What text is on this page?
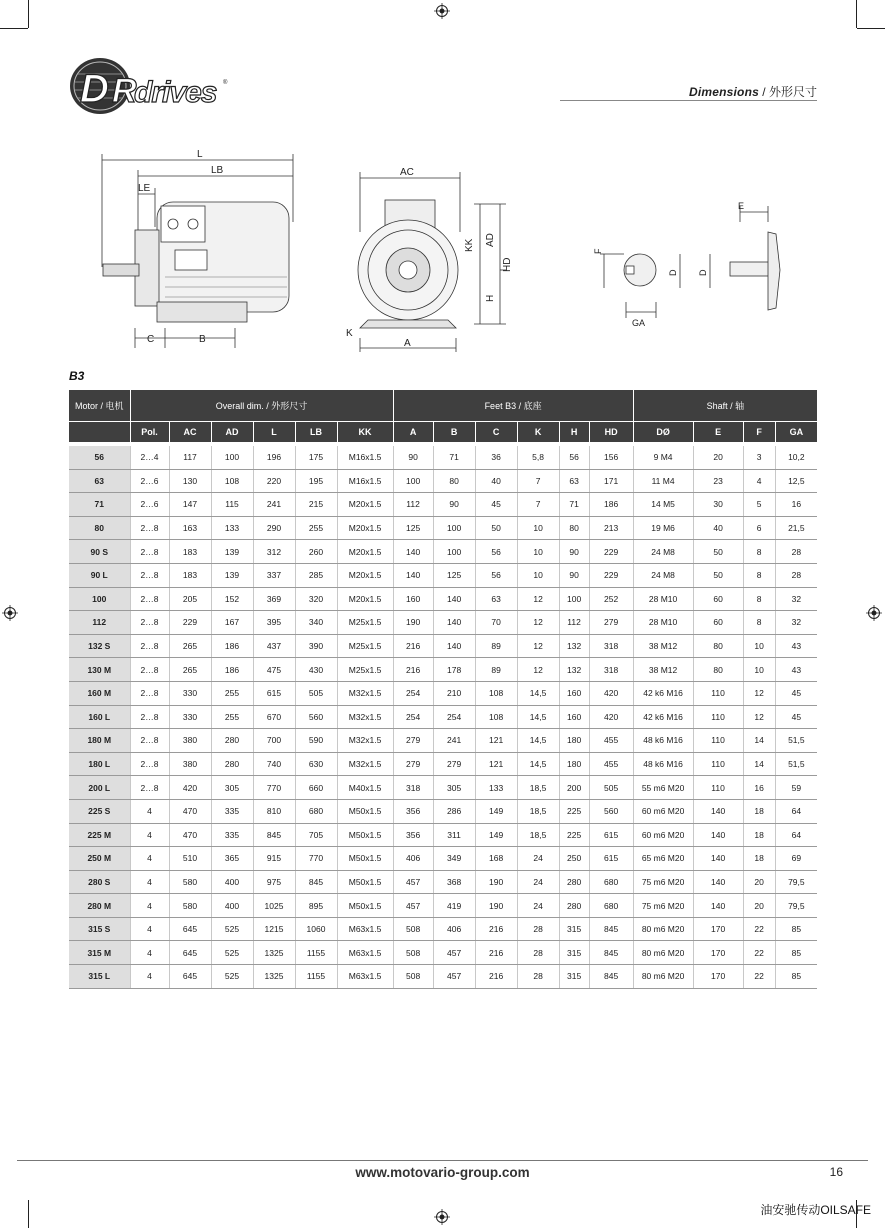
D R
drives ®
Dimensions / 外形尺寸
L
LB
LE
C	B
AC
KK AD
HD
H
K
A
E
F
D D
GA
B3
Motor / 电机	Overall dim. / 外形尺寸						Feet B3 / 底座						Shaft / 轴			
	Pol.	AC	AD	L	LB	KK	A	B	C	K	H	HD	DØ	E	F	GA

56	2…4	117	100	196	175	M16x1.5	90	71	36	5,8	56	156	9 M4	20	3	10,2
63	2…6	130	108	220	195	M16x1.5	100	80	40	7	63	171	11 M4	23	4	12,5
71	2…6	147	115	241	215	M20x1.5	112	90	45	7	71	186	14 M5	30	5	16
80	2…8	163	133	290	255	M20x1.5	125	100	50	10	80	213	19 M6	40	6	21,5
90 S	2…8	183	139	312	260	M20x1.5	140	100	56	10	90	229	24 M8	50	8	28
90 L	2…8	183	139	337	285	M20x1.5	140	125	56	10	90	229	24 M8	50	8	28
100	2…8	205	152	369	320	M20x1.5	160	140	63	12	100	252	28 M10	60	8	32
112	2…8	229	167	395	340	M25x1.5	190	140	70	12	112	279	28 M10	60	8	32
132 S	2…8	265	186	437	390	M25x1.5	216	140	89	12	132	318	38 M12	80	10	43
130 M	2…8	265	186	475	430	M25x1.5	216	178	89	12	132	318	38 M12	80	10	43
160 M	2…8	330	255	615	505	M32x1.5	254	210	108	14,5	160	420	42 k6 M16	110	12	45
160 L	2…8	330	255	670	560	M32x1.5	254	254	108	14,5	160	420	42 k6 M16	110	12	45
180 M	2…8	380	280	700	590	M32x1.5	279	241	121	14,5	180	455	48 k6 M16	110	14	51,5
180 L	2…8	380	280	740	630	M32x1.5	279	279	121	14,5	180	455	48 k6 M16	110	14	51,5
200 L	2…8	420	305	770	660	M40x1.5	318	305	133	18,5	200	505	55 m6 M20	110	16	59
225 S	4	470	335	810	680	M50x1.5	356	286	149	18,5	225	560	60 m6 M20	140	18	64
225 M	4	470	335	845	705	M50x1.5	356	311	149	18,5	225	615	60 m6 M20	140	18	64
250 M	4	510	365	915	770	M50x1.5	406	349	168	24	250	615	65 m6 M20	140	18	69
280 S	4	580	400	975	845	M50x1.5	457	368	190	24	280	680	75 m6 M20	140	20	79,5
280 M	4	580	400	1025	895	M50x1.5	457	419	190	24	280	680	75 m6 M20	140	20	79,5
315 S	4	645	525	1215	1060	M63x1.5	508	406	216	28	315	845	80 m6 M20	170	22	85
315 M	4	645	525	1325	1155	M63x1.5	508	457	216	28	315	845	80 m6 M20	170	22	85
315 L	4	645	525	1325	1155	M63x1.5	508	457	216	28	315	845	80 m6 M20	170	22	85
www.motovario-group.com	16
油安驰传动OILSAFE
